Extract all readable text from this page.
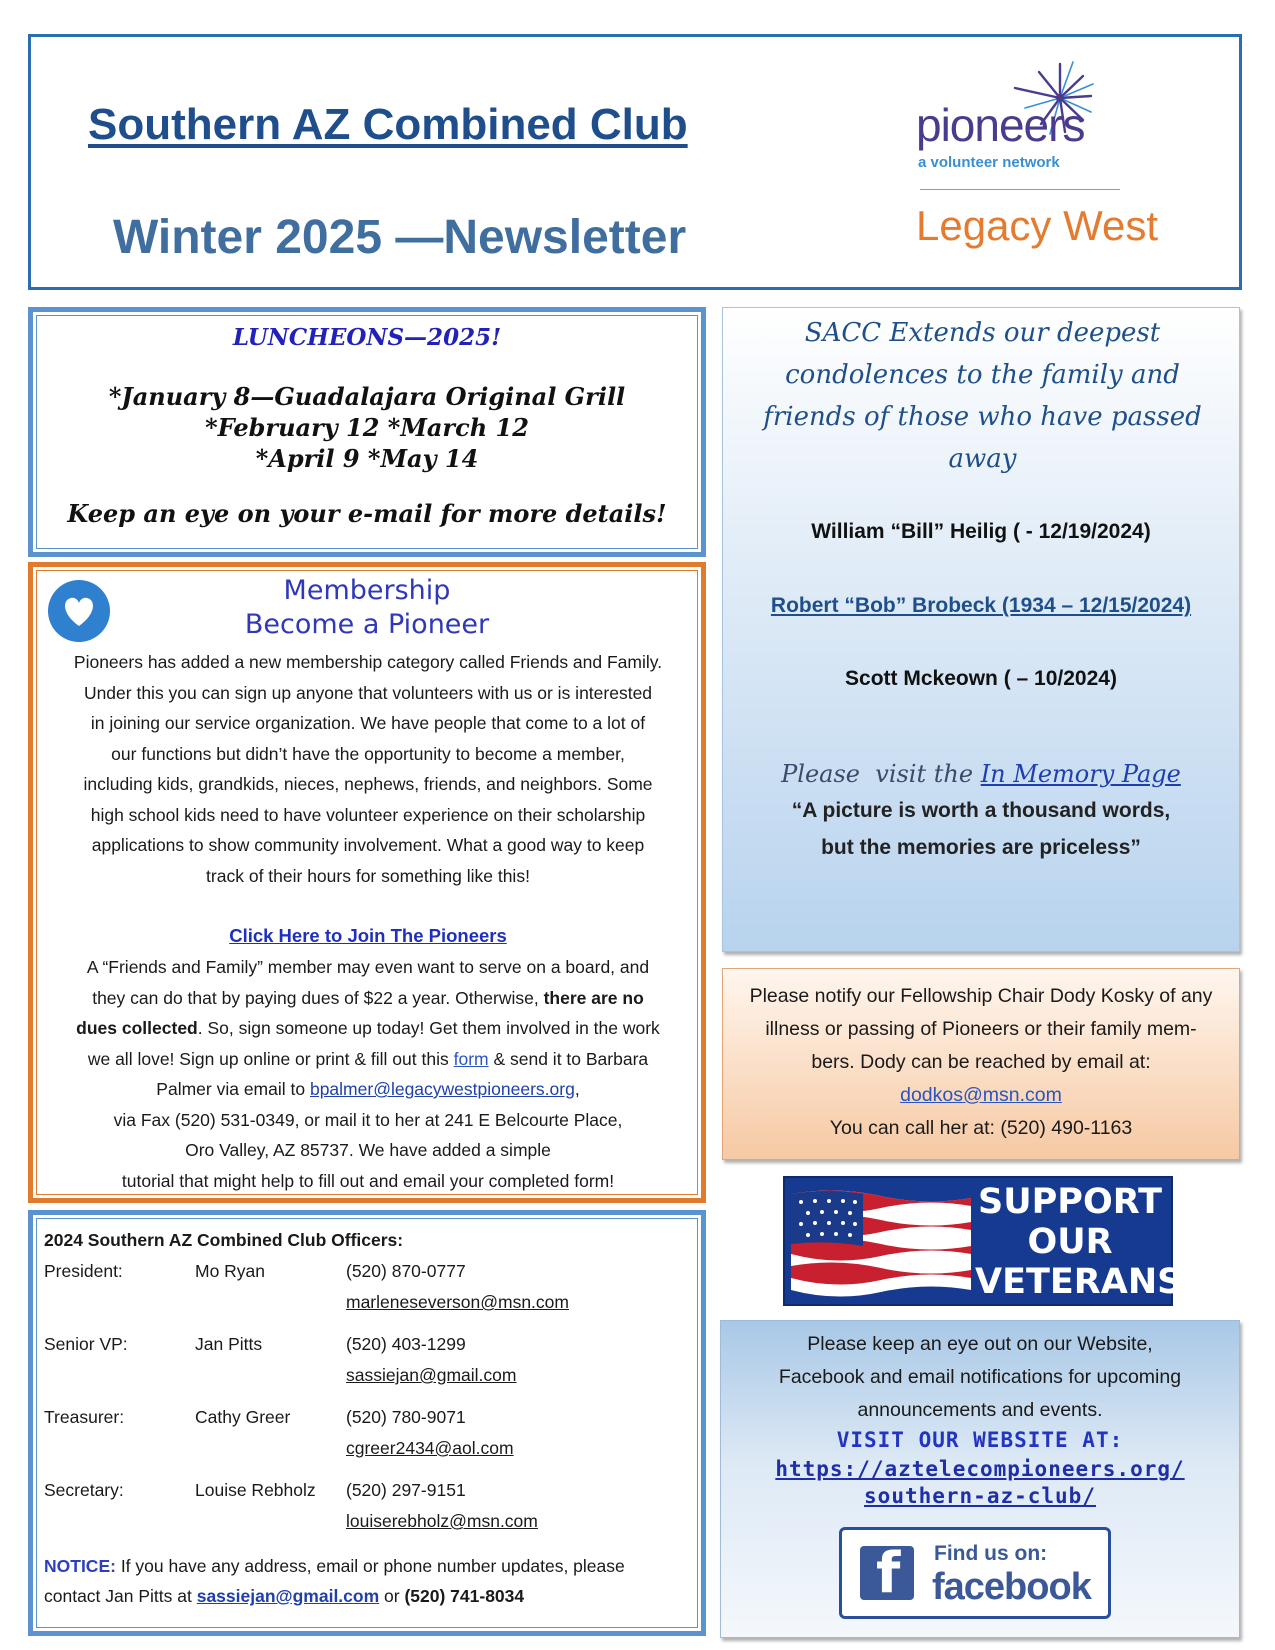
Southern AZ Combined Club
Winter 2025 —Newsletter
pioneers
a volunteer network
Legacy West
LUNCHEONS—2025!
*January 8—Guadalajara Original Grill
*February 12 *March 12
*April 9 *May 14
Keep an eye on your e-mail for more details!
Membership
Become a Pioneer
Pioneers has added a new membership category called Friends and Family.
Under this you can sign up anyone that volunteers with us or is interested
in joining our service organization. We have people that come to a lot of
our functions but didn’t have the opportunity to become a member,
including kids, grandkids, nieces, nephews, friends, and neighbors. Some
high school kids need to have volunteer experience on their scholarship
applications to show community involvement. What a good way to keep
track of their hours for something like this!
Click Here to Join The Pioneers
A “Friends and Family” member may even want to serve on a board, and
they can do that by paying dues of $22 a year. Otherwise, there are no
dues collected. So, sign someone up today! Get them involved in the work
we all love! Sign up online or print & fill out this form & send it to Barbara
Palmer via email to bpalmer@legacywestpioneers.org,
via Fax (520) 531-0349, or mail it to her at 241 E Belcourte Place,
Oro Valley, AZ 85737. We have added a simple
tutorial that might help to fill out and email your completed form!
2024 Southern AZ Combined Club Officers:
President:	Mo Ryan	(520) 870-0777
marleneseverson@msn.com
Senior VP:	Jan Pitts	(520) 403-1299
sassiejan@gmail.com
Treasurer:	Cathy Greer	(520) 780-9071
cgreer2434@aol.com
Secretary:	Louise Rebholz (520) 297-9151
louiserebholz@msn.com
NOTICE: If you have any address, email or phone number updates, please
contact Jan Pitts at sassiejan@gmail.com or (520) 741-8034
SACC Extends our deepest
condolences to the family and
friends of those who have passed
away
William “Bill” Heilig ( - 12/19/2024)
Robert “Bob” Brobeck (1934 – 12/15/2024)
Scott Mckeown ( – 10/2024)
Please  visit the In Memory Page
“A picture is worth a thousand words,
but the memories are priceless”
Please notify our Fellowship Chair Dody Kosky of any
illness or passing of Pioneers or their family mem-
bers. Dody can be reached by email at:
dodkos@msn.com
You can call her at: (520) 490-1163
SUPPORT
OUR
VETERANS
Please keep an eye out on our Website,
Facebook and email notifications for upcoming
announcements and events.
VISIT OUR WEBSITE AT:
https://aztelecompioneers.org/
southern-az-club/
f Find us on:
facebook
